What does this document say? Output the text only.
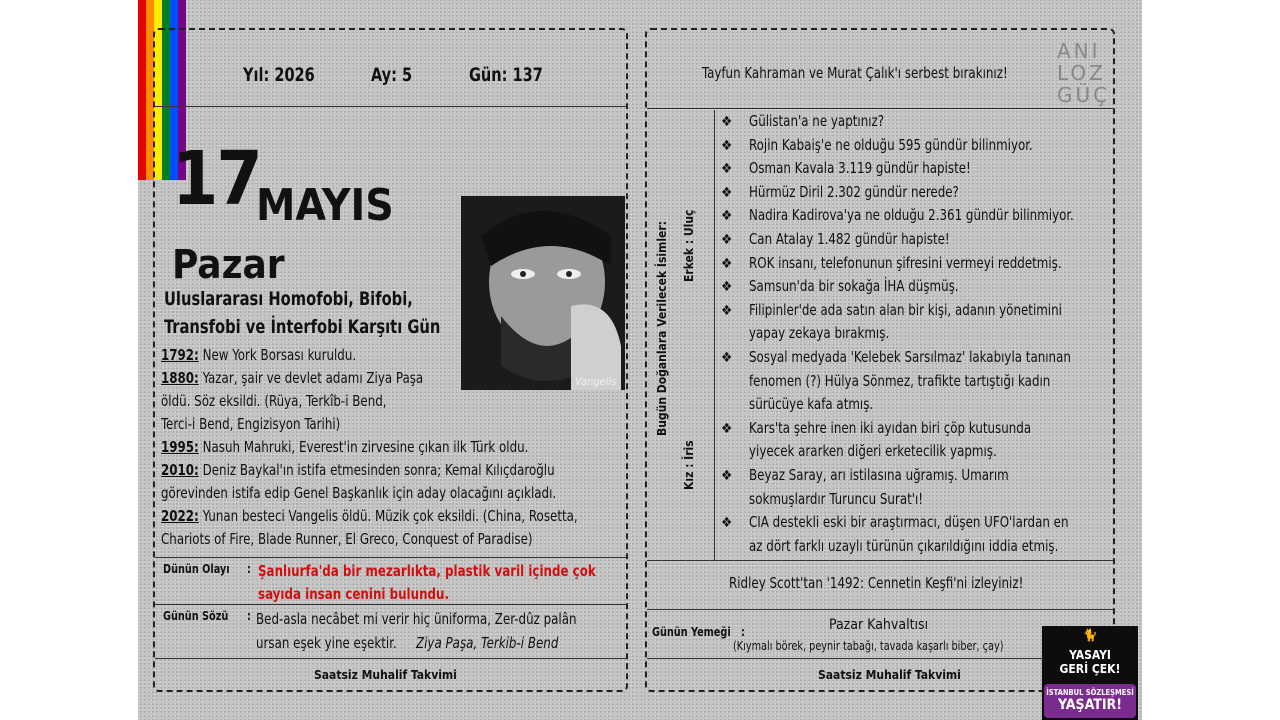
Yıl: 2026	Ay: 5	Gün: 137
17
MAYIS
Pazar
Uluslararası Homofobi, Bifobi,
Transfobi ve İnterfobi Karşıtı Gün
Vangelis
1792: New York Borsası kuruldu.
1880: Yazar, şair ve devlet adamı Ziya Paşa
öldü. Söz eksildi. (Rüya, Terkîb-i Bend,
Terci-i Bend, Engizisyon Tarihi)
1995: Nasuh Mahruki, Everest'in zirvesine çıkan ilk Türk oldu.
2010: Deniz Baykal'ın istifa etmesinden sonra; Kemal Kılıçdaroğlu
görevinden istifa edip Genel Başkanlık için aday olacağını açıkladı.
2022: Yunan besteci Vangelis öldü. Müzik çok eksildi. (China, Rosetta,
Chariots of Fire, Blade Runner, El Greco, Conquest of Paradise)
Dünün Olayı : Şanlıurfa'da bir mezarlıkta, plastik varil içinde çok
sayıda insan cenini bulundu.
Günün Sözü : Bed-asla necâbet mi verir hiç üniforma, Zer-dûz palân
ursan eşek yine eşektir. Ziya Paşa, Terkib-i Bend
Saatsiz Muhalif Takvimi
Tayfun Kahraman ve Murat Çalık'ı serbest bırakınız!
ANI
LOZ
GÜÇ
Bugün Doğanlara Verilecek İsimler: Erkek : Uluç
Kız : İris
❖ Gülistan'a ne yaptınız?
❖ Rojin Kabaiş'e ne olduğu 595 gündür bilinmiyor.
❖ Osman Kavala 3.119 gündür hapiste!
❖ Hürmüz Diril 2.302 gündür nerede?
❖ Nadira Kadirova'ya ne olduğu 2.361 gündür bilinmiyor.
❖ Can Atalay 1.482 gündür hapiste!
❖ ROK insanı, telefonunun şifresini vermeyi reddetmiş.
❖ Samsun'da bir sokağa İHA düşmüş.
❖ Filipinler'de ada satın alan bir kişi, adanın yönetimini
yapay zekaya bırakmış.
❖ Sosyal medyada 'Kelebek Sarsılmaz' lakabıyla tanınan
fenomen (?) Hülya Sönmez, trafikte tartıştığı kadın
sürücüye kafa atmış.
❖ Kars'ta şehre inen iki ayıdan biri çöp kutusunda
yiyecek ararken diğeri erketecilik yapmış.
❖ Beyaz Saray, arı istilasına uğramış. Umarım
sokmuşlardır Turuncu Surat'ı!
❖ CIA destekli eski bir araştırmacı, düşen UFO'lardan en
az dört farklı uzaylı türünün çıkarıldığını iddia etmiş.
Ridley Scott'tan '1492: Cennetin Keşfi'ni izleyiniz!
Günün Yemeği :	Pazar Kahvaltısı
(Kıymalı börek, peynir tabağı, tavada kaşarlı biber, çay)
Saatsiz Muhalif Takvimi
🐈
YASAYI
GERİ ÇEK!
İSTANBUL SÖZLEŞMESİ
YAŞATIR!
